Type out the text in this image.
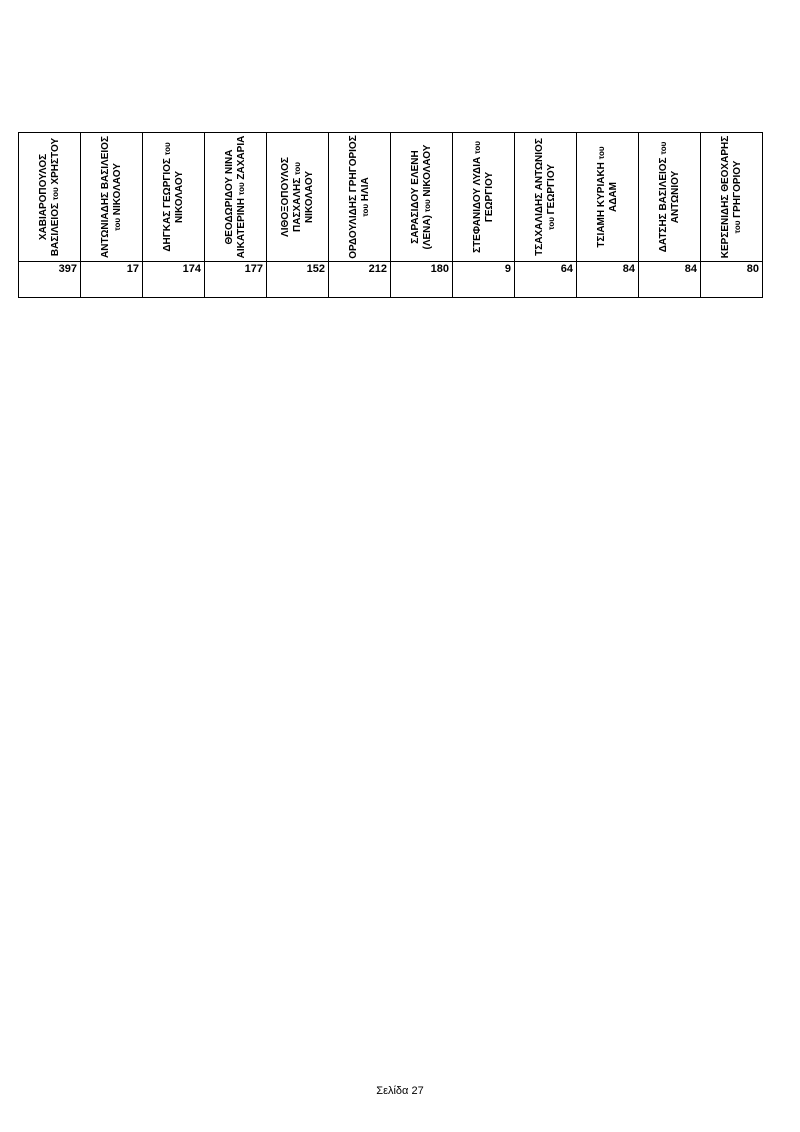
ΧΑΒΙΑΡΟΠΟΥΛΟΣ ΒΑΣΙΛΕΙΟΣ του ΧΡΗΣΤΟΥ	ΑΝΤΩΝΙΑΔΗΣ ΒΑΣΙΛΕΙΟΣ του ΝΙΚΟΛΑΟΥ	ΔΗΓΚΑΣ ΓΕΩΡΓΙΟΣ του ΝΙΚΟΛΑΟΥ	ΘΕΟΔΩΡΙΔΟΥ ΝΙΝΑ ΑΙΚΑΤΕΡΙΝΗ του ΖΑΧΑΡΙΑ	ΛΙΘΟΞΟΠΟΥΛΟΣ ΠΑΣΧΑΛΗΣ του ΝΙΚΟΛΑΟΥ	ΟΡΔΟΥΛΙΔΗΣ ΓΡΗΓΟΡΙΟΣ του ΗΛΙΑ	ΣΑΡΑΣΙΔΟΥ ΕΛΕΝΗ (ΛΕΝΑ) του ΝΙΚΟΛΑΟΥ	ΣΤΕΦΑΝΙΔΟΥ ΛΥΔΙΑ του ΓΕΩΡΓΙΟΥ	ΤΣΑΧΑΛΙΔΗΣ ΑΝΤΩΝΙΟΣ του ΓΕΩΡΓΙΟΥ	ΤΣΙΑΜΗ ΚΥΡΙΑΚΗ του ΑΔΑΜ	ΔΑΤΣΗΣ ΒΑΣΙΛΕΙΟΣ του ΑΝΤΩΝΙΟΥ	ΚΕΡΣΕΝΙΔΗΣ ΘΕΟΧΑΡΗΣ του ΓΡΗΓΟΡΙΟΥ

397	17	174	177	152	212	180	9	64	84	84	80
Σελίδα 27
